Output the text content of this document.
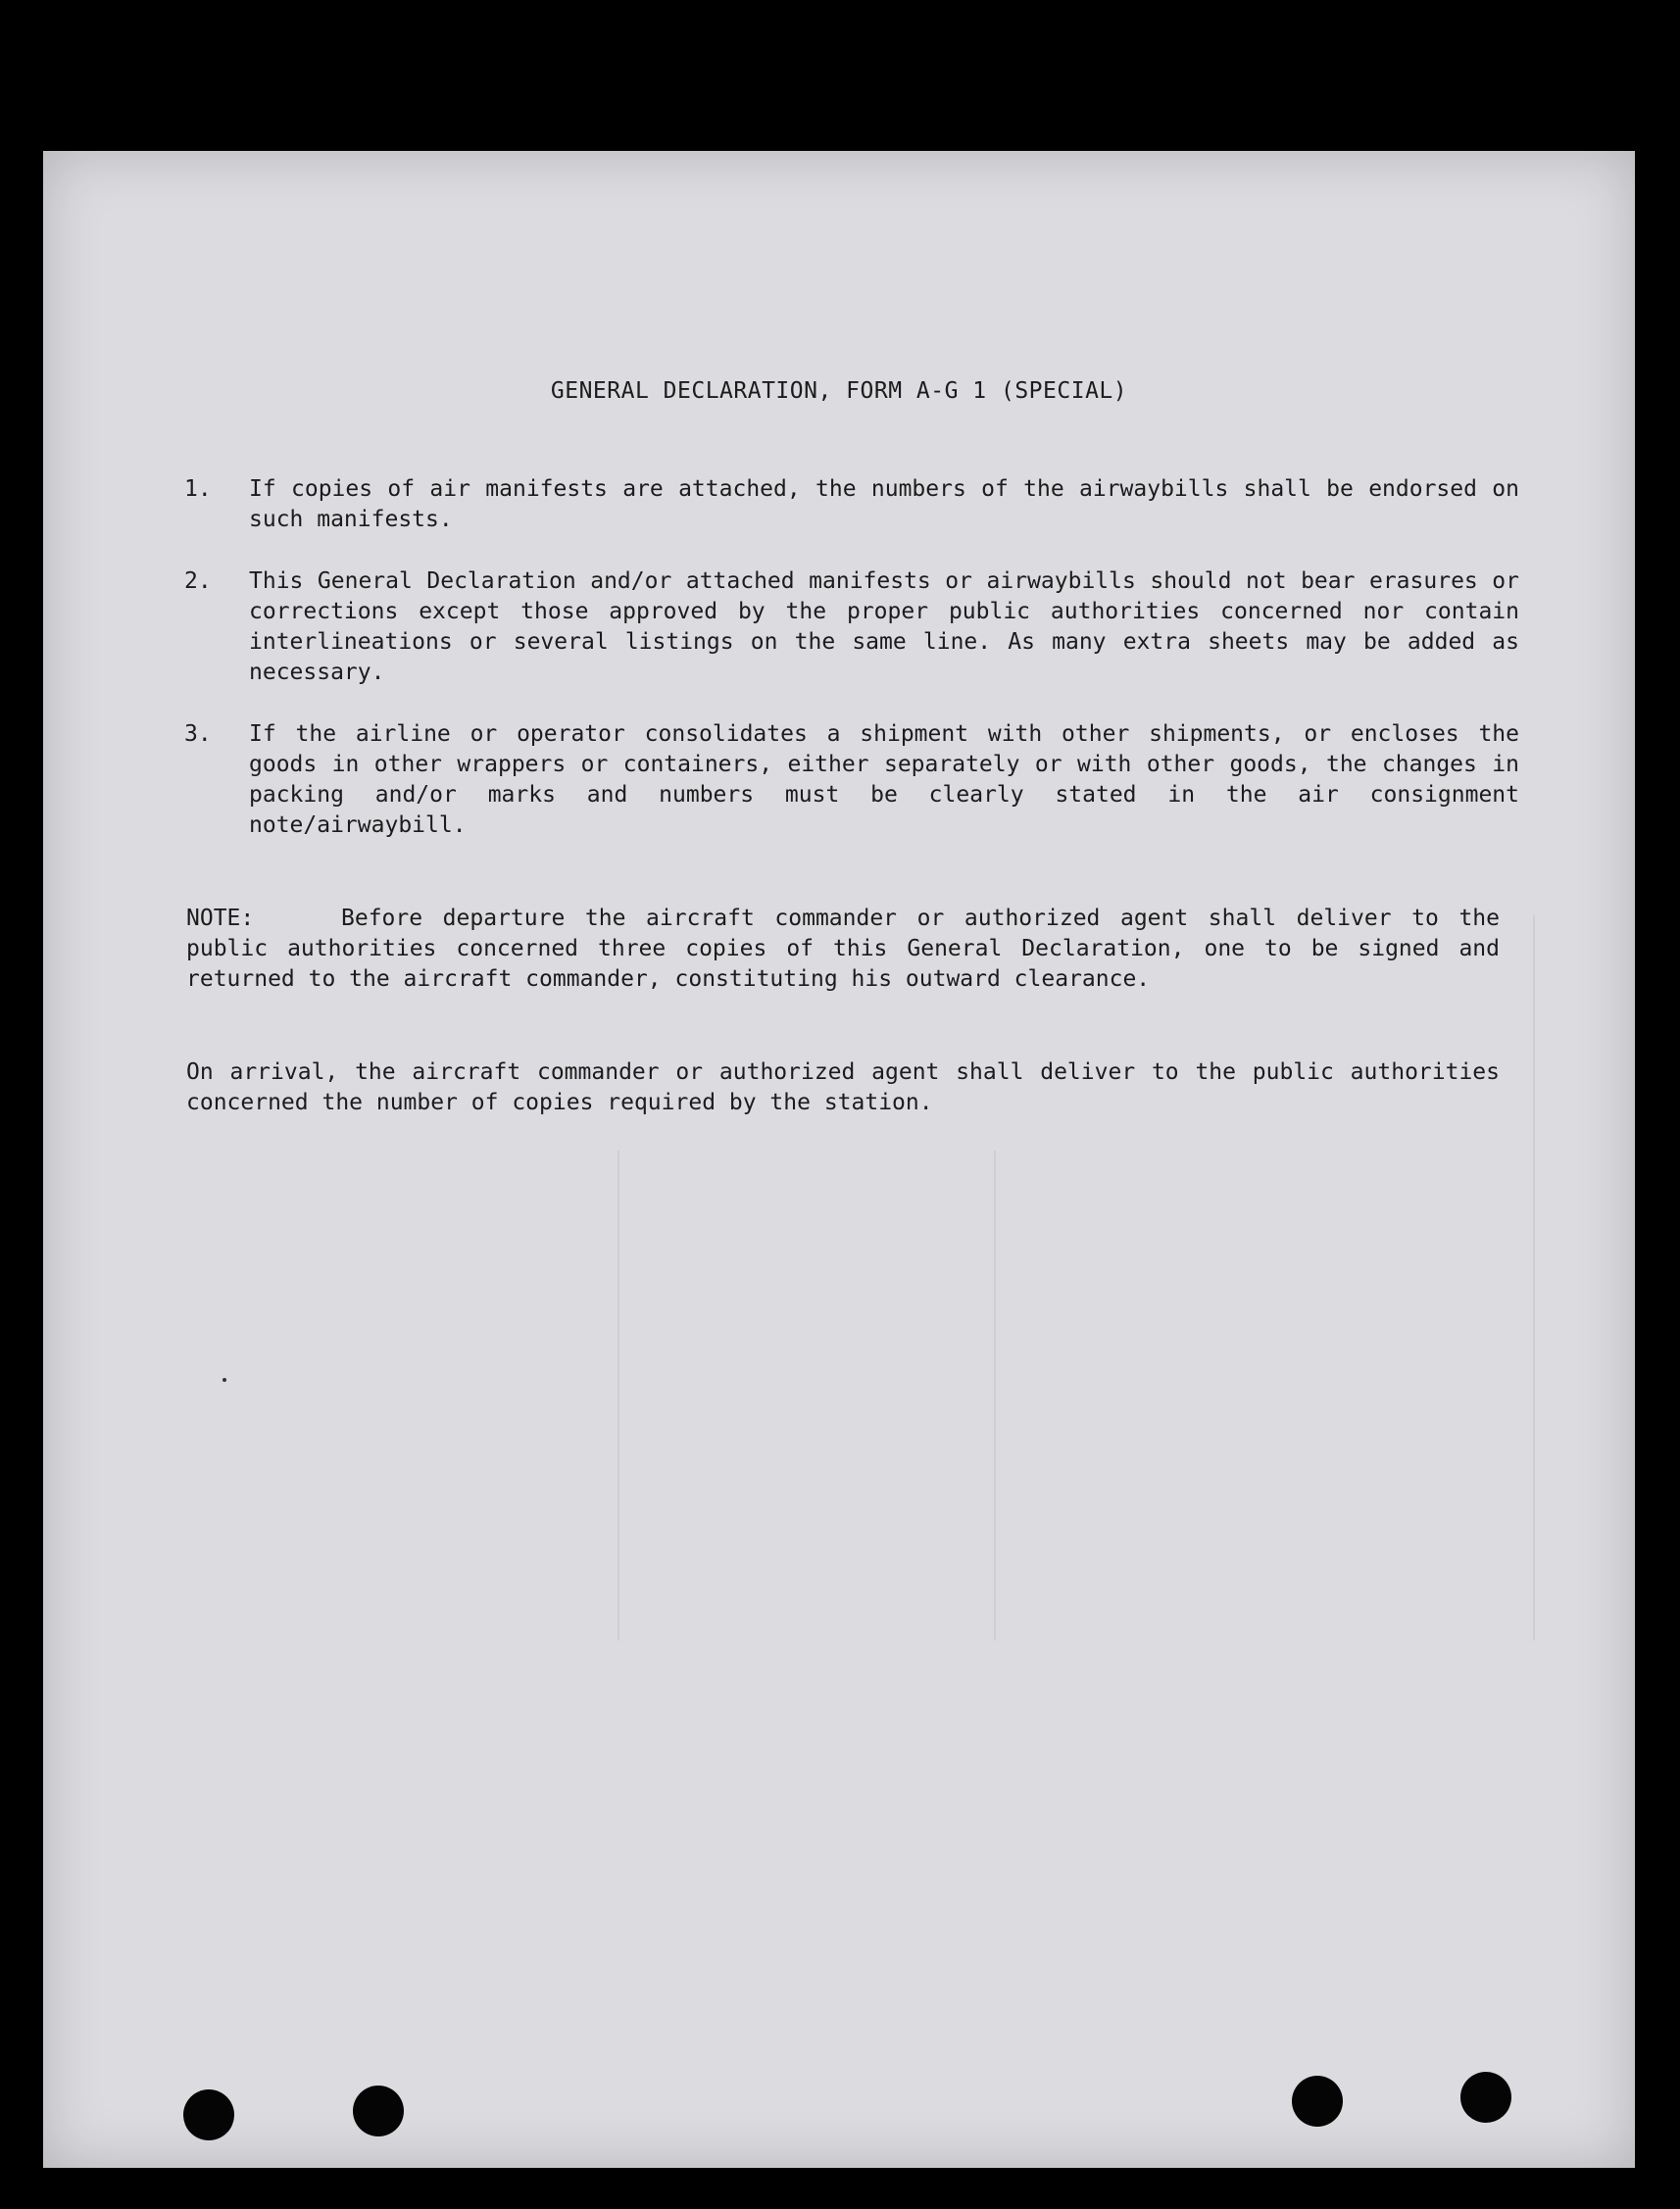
GENERAL DECLARATION, FORM A-G 1 (SPECIAL)
1.	If copies of air manifests are attached, the numbers of the airwaybills shall be endorsed on such manifests.

2.	This General Declaration and/or attached manifests or airwaybills should not bear erasures or corrections except those approved by the proper public authorities concerned nor contain interlineations or several listings on the same line. As many extra sheets may be added as necessary.

3.	If the airline or operator consolidates a shipment with other shipments, or encloses the goods in other wrappers or containers, either separately or with other goods, the changes in packing and/or marks and numbers must be clearly stated in the air consignment note/airwaybill.

NOTE:	Before departure the aircraft commander or authorized agent shall deliver to the public authorities concerned three copies of this General Declaration, one to be signed and returned to the aircraft commander, constituting his outward clearance.

On arrival, the aircraft commander or authorized agent shall deliver to the public authorities concerned the number of copies required by the station.
